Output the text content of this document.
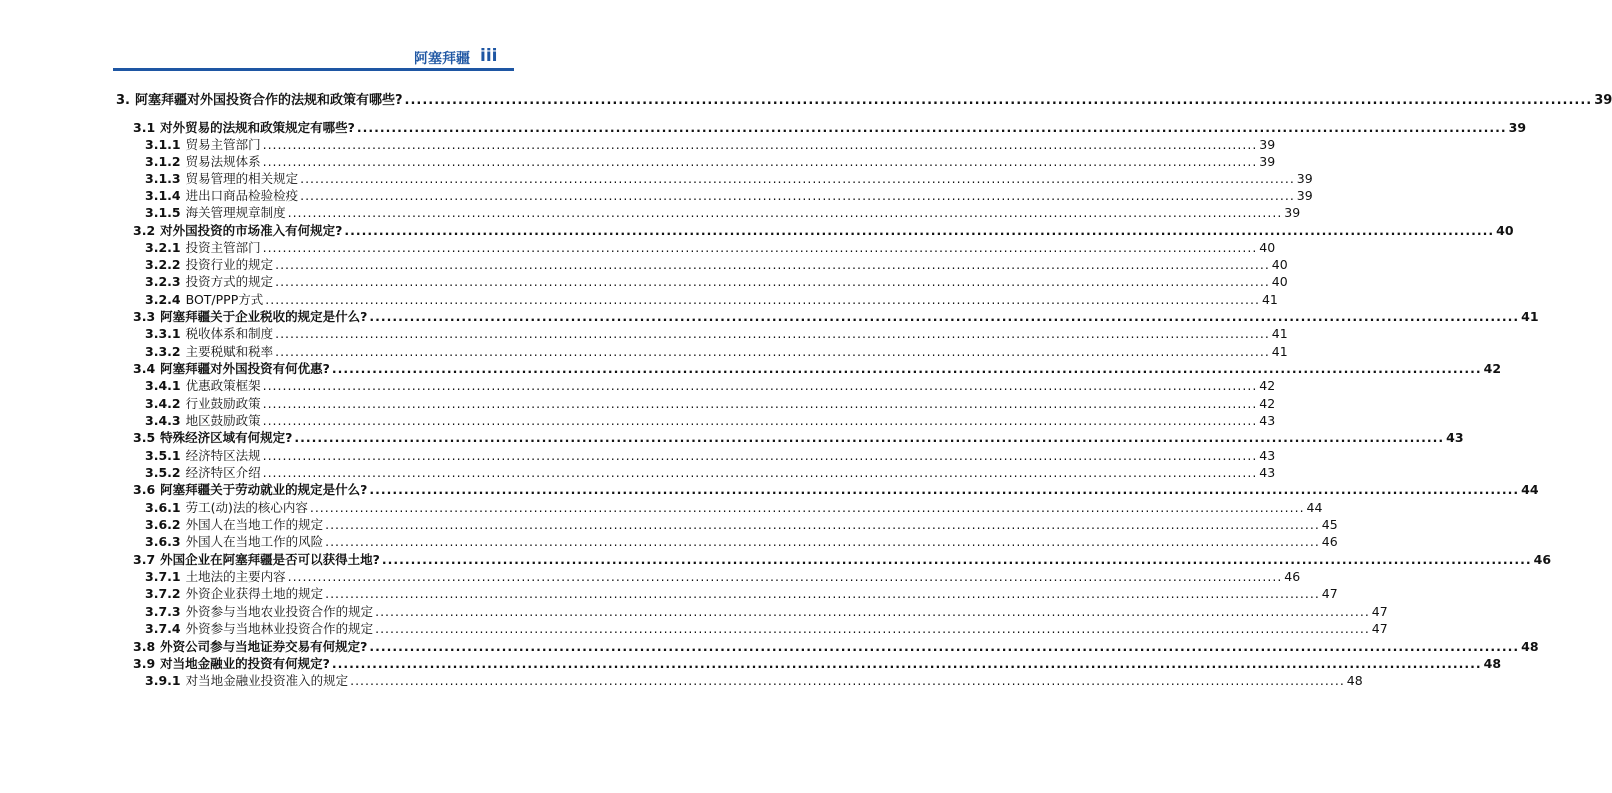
阿塞拜疆 iii
3. 阿塞拜疆对外国投资合作的法规和政策有哪些? ........................................................................................................................................................................................................ 39
3.1 对外贸易的法规和政策规定有哪些? ........................................................................................................................................................................................................ 39
3.1.1 贸易主管部门 ........................................................................................................................................................................................................ 39
3.1.2 贸易法规体系 ........................................................................................................................................................................................................ 39
3.1.3 贸易管理的相关规定 ........................................................................................................................................................................................................ 39
3.1.4 进出口商品检验检疫 ........................................................................................................................................................................................................ 39
3.1.5 海关管理规章制度 ........................................................................................................................................................................................................ 39
3.2 对外国投资的市场准入有何规定? ........................................................................................................................................................................................................ 40
3.2.1 投资主管部门 ........................................................................................................................................................................................................ 40
3.2.2 投资行业的规定 ........................................................................................................................................................................................................ 40
3.2.3 投资方式的规定 ........................................................................................................................................................................................................ 40
3.2.4 BOT/PPP方式 ........................................................................................................................................................................................................ 41
3.3 阿塞拜疆关于企业税收的规定是什么? ........................................................................................................................................................................................................ 41
3.3.1 税收体系和制度 ........................................................................................................................................................................................................ 41
3.3.2 主要税赋和税率 ........................................................................................................................................................................................................ 41
3.4 阿塞拜疆对外国投资有何优惠? ........................................................................................................................................................................................................ 42
3.4.1 优惠政策框架 ........................................................................................................................................................................................................ 42
3.4.2 行业鼓励政策 ........................................................................................................................................................................................................ 42
3.4.3 地区鼓励政策 ........................................................................................................................................................................................................ 43
3.5 特殊经济区域有何规定? ........................................................................................................................................................................................................ 43
3.5.1 经济特区法规 ........................................................................................................................................................................................................ 43
3.5.2 经济特区介绍 ........................................................................................................................................................................................................ 43
3.6 阿塞拜疆关于劳动就业的规定是什么? ........................................................................................................................................................................................................ 44
3.6.1 劳工(动)法的核心内容 ........................................................................................................................................................................................................ 44
3.6.2 外国人在当地工作的规定 ........................................................................................................................................................................................................ 45
3.6.3 外国人在当地工作的风险 ........................................................................................................................................................................................................ 46
3.7 外国企业在阿塞拜疆是否可以获得土地? ........................................................................................................................................................................................................ 46
3.7.1 土地法的主要内容 ........................................................................................................................................................................................................ 46
3.7.2 外资企业获得土地的规定 ........................................................................................................................................................................................................ 47
3.7.3 外资参与当地农业投资合作的规定 ........................................................................................................................................................................................................ 47
3.7.4 外资参与当地林业投资合作的规定 ........................................................................................................................................................................................................ 47
3.8 外资公司参与当地证券交易有何规定? ........................................................................................................................................................................................................ 48
3.9 对当地金融业的投资有何规定? ........................................................................................................................................................................................................ 48
3.9.1 对当地金融业投资准入的规定 ........................................................................................................................................................................................................ 48
